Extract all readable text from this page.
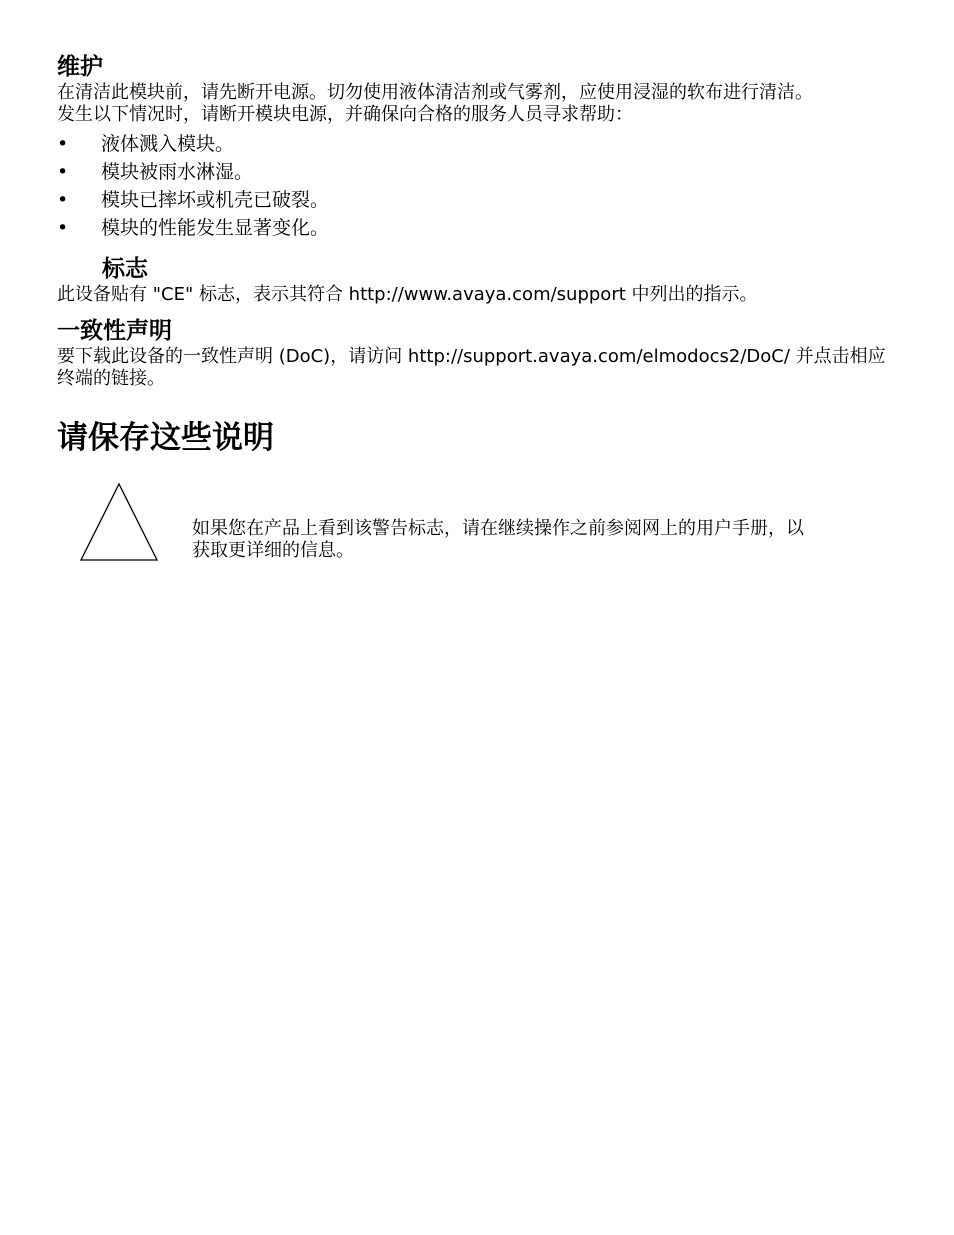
维护

在清洁此模块前，请先断开电源。切勿使用液体清洁剂或气雾剂，应使用浸湿的软布进行清洁。

发生以下情况时，请断开模块电源，并确保向合格的服务人员寻求帮助：

• 液体溅入模块。
• 模块被雨水淋湿。
• 模块已摔坏或机壳已破裂。
• 模块的性能发生显著变化。
标志

此设备贴有 "CE" 标志，表示其符合 http://www.avaya.com/support 中列出的指示。

一致性声明

要下载此设备的一致性声明 (DoC)，请访问 http://support.avaya.com/elmodocs2/DoC/ 并点击相应终端的链接。

请保存这些说明

如果您在产品上看到该警告标志，请在继续操作之前参阅网上的用户手册，以获取更详细的信息。
